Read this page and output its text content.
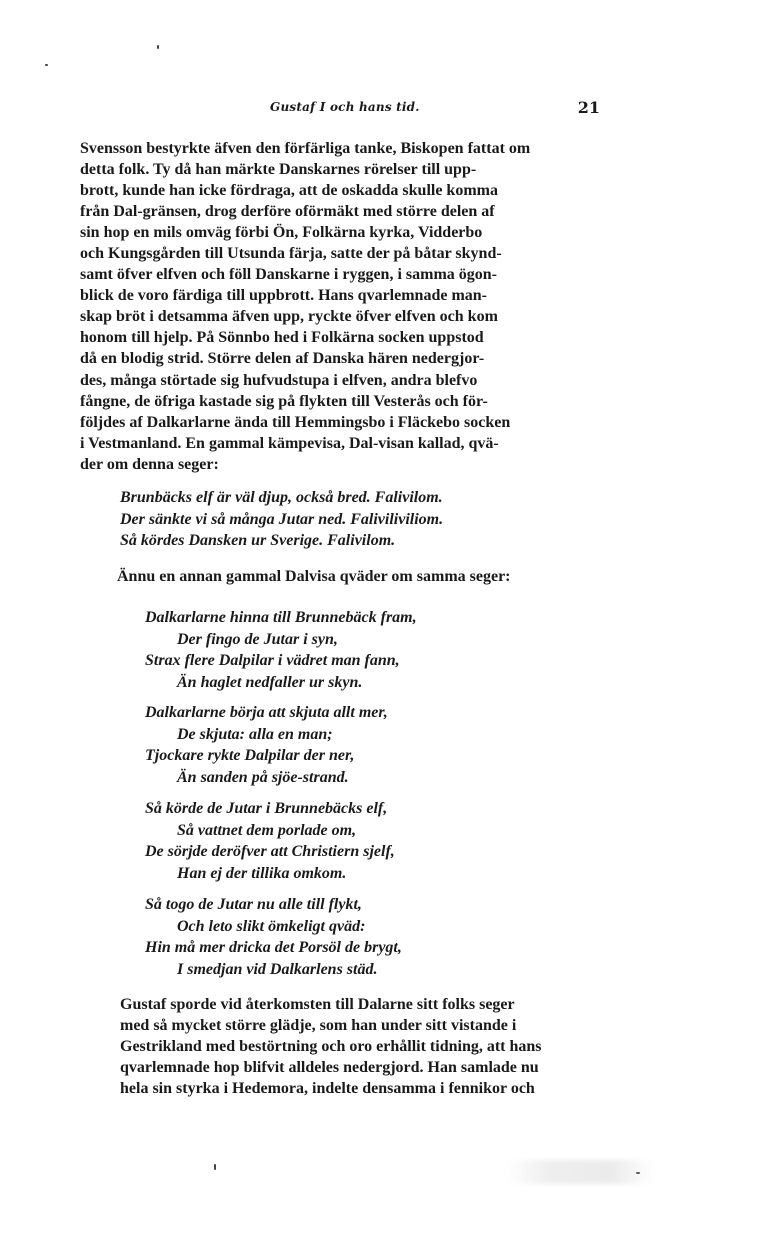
Gustaf I och hans tid.	21
Svensson bestyrkte äfven den förfärliga tanke, Biskopen fattat om
detta folk. Ty då han märkte Danskarnes rörelser till upp-
brott, kunde han icke fördraga, att de oskadda skulle komma
från Dal-gränsen, drog derföre oförmäkt med större delen af
sin hop en mils omväg förbi Ön, Folkärna kyrka, Vidderbo
och Kungsgården till Utsunda färja, satte der på båtar skynd-
samt öfver elfven och föll Danskarne i ryggen, i samma ögon-
blick de voro färdiga till uppbrott. Hans qvarlemnade man-
skap bröt i detsamma äfven upp, ryckte öfver elfven och kom
honom till hjelp. På Sönnbo hed i Folkärna socken uppstod
då en blodig strid. Större delen af Danska hären nedergjor-
des, många störtade sig hufvudstupa i elfven, andra blefvo
fångne, de öfriga kastade sig på flykten till Vesterås och för-
följdes af Dalkarlarne ända till Hemmingsbo i Fläckebo socken
i Vestmanland. En gammal kämpevisa, Dal-visan kallad, qvä-
der om denna seger:
Brunbäcks elf är väl djup, också bred. Falivilom.
Der sänkte vi så många Jutar ned. Faliviliviliom.
Så kördes Dansken ur Sverige. Falivilom.
Ännu en annan gammal Dalvisa qväder om samma seger:
Dalkarlarne hinna till Brunnebäck fram,
Der fingo de Jutar i syn,
Strax flere Dalpilar i vädret man fann,
Än haglet nedfaller ur skyn.
Dalkarlarne börja att skjuta allt mer,
De skjuta: alla en man;
Tjockare rykte Dalpilar der ner,
Än sanden på sjöe-strand.
Så körde de Jutar i Brunnebäcks elf,
Så vattnet dem porlade om,
De sörjde deröfver att Christiern sjelf,
Han ej der tillika omkom.
Så togo de Jutar nu alle till flykt,
Och leto slikt ömkeligt qväd:
Hin må mer dricka det Porsöl de brygt,
I smedjan vid Dalkarlens städ.
Gustaf sporde vid återkomsten till Dalarne sitt folks seger
med så mycket större glädje, som han under sitt vistande i
Gestrikland med bestörtning och oro erhållit tidning, att hans
qvarlemnade hop blifvit alldeles nedergjord. Han samlade nu
hela sin styrka i Hedemora, indelte densamma i fennikor och
